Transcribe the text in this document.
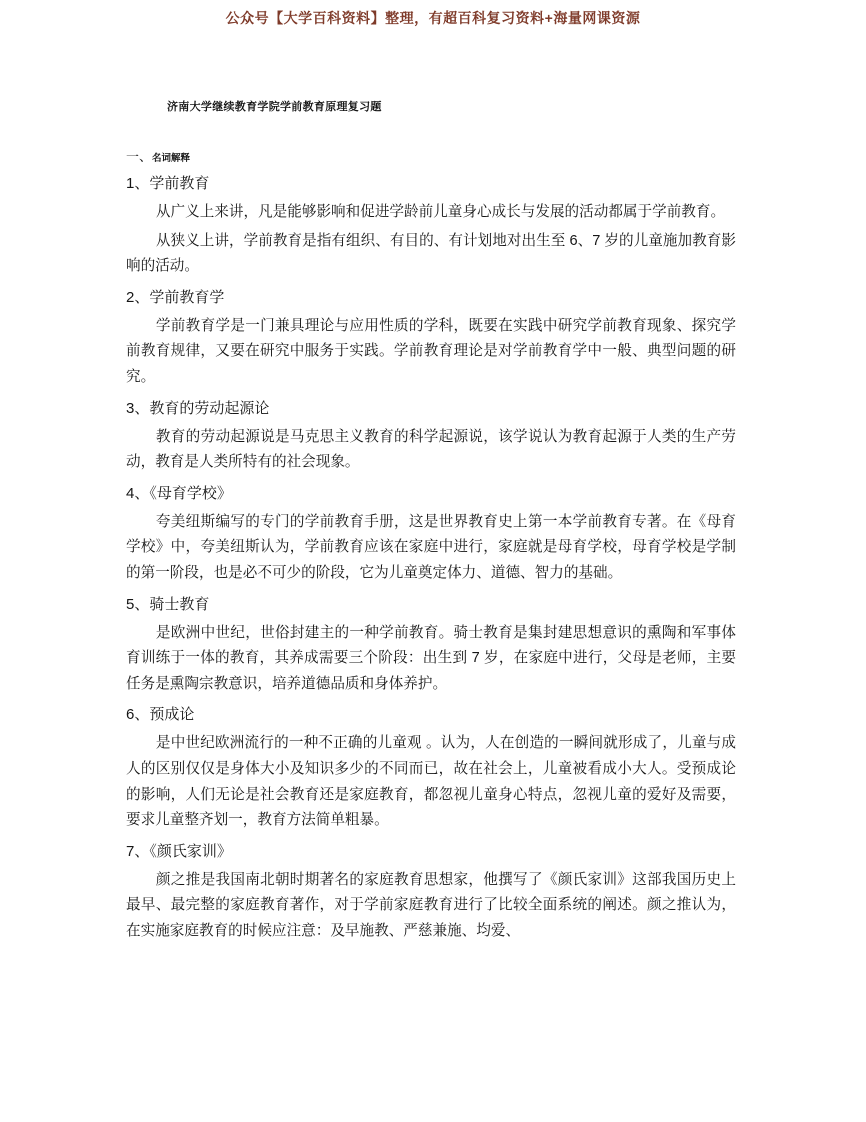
公众号【大学百科资料】整理，有超百科复习资料+海量网课资源
济南大学继续教育学院学前教育原理复习题
一、名词解释
1、学前教育

从广义上来讲，凡是能够影响和促进学龄前儿童身心成长与发展的活动都属于学前教育。

从狭义上讲，学前教育是指有组织、有目的、有计划地对出生至 6、7 岁的儿童施加教育影响的活动。

2、学前教育学

学前教育学是一门兼具理论与应用性质的学科，既要在实践中研究学前教育现象、探究学前教育规律，又要在研究中服务于实践。学前教育理论是对学前教育学中一般、典型问题的研究。

3、教育的劳动起源论

教育的劳动起源说是马克思主义教育的科学起源说，该学说认为教育起源于人类的生产劳动，教育是人类所特有的社会现象。

4、《母育学校》

夸美纽斯编写的专门的学前教育手册，这是世界教育史上第一本学前教育专著。在《母育学校》中，夸美纽斯认为，学前教育应该在家庭中进行，家庭就是母育学校，母育学校是学制的第一阶段，也是必不可少的阶段，它为儿童奠定体力、道德、智力的基础。

5、骑士教育

是欧洲中世纪，世俗封建主的一种学前教育。骑士教育是集封建思想意识的熏陶和军事体育训练于一体的教育，其养成需要三个阶段：出生到 7 岁，在家庭中进行，父母是老师，主要任务是熏陶宗教意识，培养道德品质和身体养护。

6、预成论

是中世纪欧洲流行的一种不正确的儿童观 。认为，人在创造的一瞬间就形成了，儿童与成人的区别仅仅是身体大小及知识多少的不同而已，故在社会上，儿童被看成小大人。受预成论的影响，人们无论是社会教育还是家庭教育，都忽视儿童身心特点，忽视儿童的爱好及需要，要求儿童整齐划一，教育方法简单粗暴。

7、《颜氏家训》

颜之推是我国南北朝时期著名的家庭教育思想家，他撰写了《颜氏家训》这部我国历史上最早、最完整的家庭教育著作，对于学前家庭教育进行了比较全面系统的阐述。颜之推认为，在实施家庭教育的时候应注意：及早施教、严慈兼施、均爱、
